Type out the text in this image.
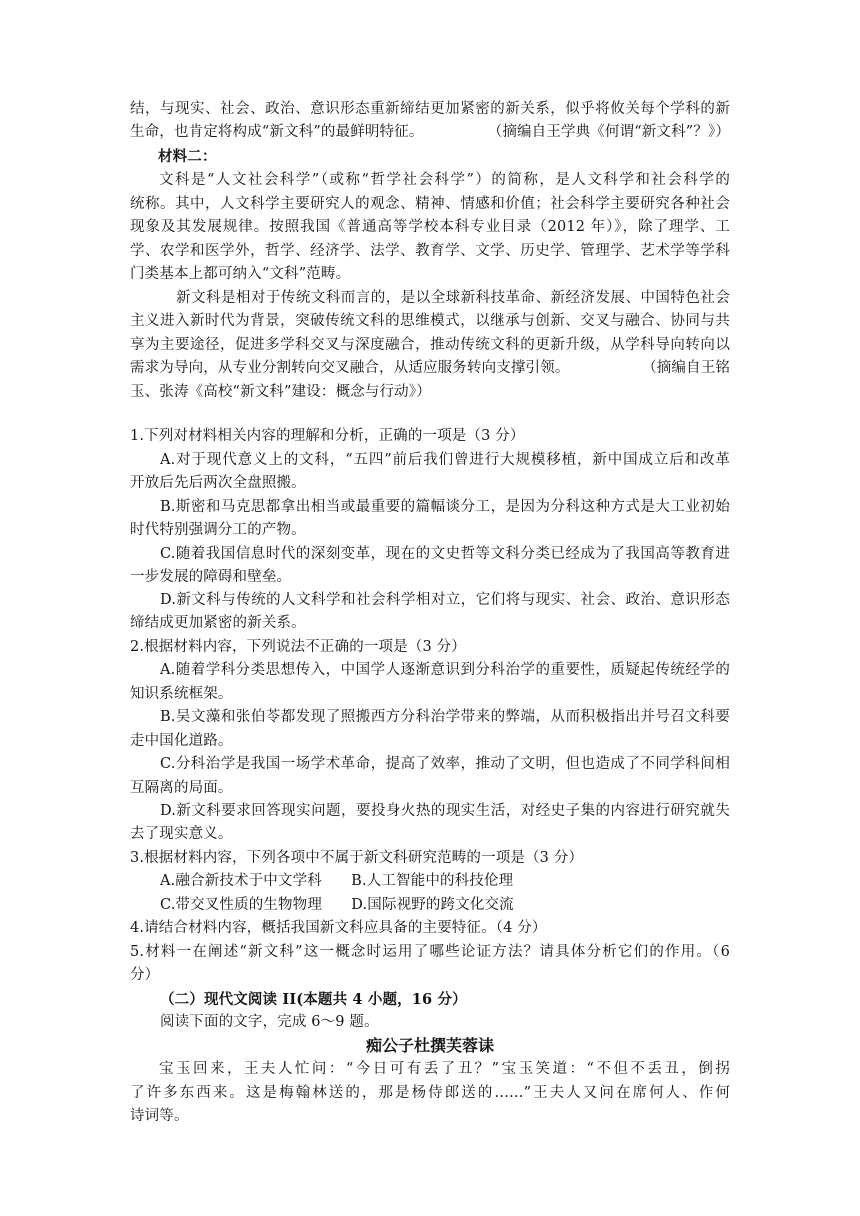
结，与现实、社会、政治、意识形态重新缔结更加紧密的新关系，似乎将攸关每个学科的新
生命，也肯定将构成“新文科”的最鲜明特征。	（摘编自王学典《何谓“新文科”？》）
材料二：
文科是“人文社会科学”（或称“哲学社会科学”）的简称，是人文科学和社会科学的
统称。其中，人文科学主要研究人的观念、精神、情感和价值；社会科学主要研究各种社会
现象及其发展规律。按照我国《普通高等学校本科专业目录（2012 年）》，除了理学、工
学、农学和医学外，哲学、经济学、法学、教育学、文学、历史学、管理学、艺术学等学科
门类基本上都可纳入“文科”范畴。
新文科是相对于传统文科而言的，是以全球新科技革命、新经济发展、中国特色社会
主义进入新时代为背景，突破传统文科的思维模式，以继承与创新、交叉与融合、协同与共
享为主要途径，促进多学科交叉与深度融合，推动传统文科的更新升级，从学科导向转向以
需求为导向，从专业分割转向交叉融合，从适应服务转向支撑引领。	（摘编自王铭
玉、张涛《高校“新文科”建设：概念与行动》）
1.下列对材料相关内容的理解和分析，正确的一项是（3 分）
A.对于现代意义上的文科，“五四”前后我们曾进行大规模移植，新中国成立后和改革
开放后先后两次全盘照搬。
B.斯密和马克思都拿出相当或最重要的篇幅谈分工，是因为分科这种方式是大工业初始
时代特别强调分工的产物。
C.随着我国信息时代的深刻变革，现在的文史哲等文科分类已经成为了我国高等教育进
一步发展的障碍和壁垒。
D.新文科与传统的人文科学和社会科学相对立，它们将与现实、社会、政治、意识形态
缔结成更加紧密的新关系。
2.根据材料内容，下列说法不正确的一项是（3 分）
A.随着学科分类思想传入，中国学人逐渐意识到分科治学的重要性，质疑起传统经学的
知识系统框架。
B.吴文藻和张伯苓都发现了照搬西方分科治学带来的弊端，从而积极指出并号召文科要
走中国化道路。
C.分科治学是我国一场学术革命，提高了效率，推动了文明，但也造成了不同学科间相
互隔离的局面。
D.新文科要求回答现实问题，要投身火热的现实生活，对经史子集的内容进行研究就失
去了现实意义。
3.根据材料内容，下列各项中不属于新文科研究范畴的一项是（3 分）
A.融合新技术于中文学科　　B.人工智能中的科技伦理
C.带交叉性质的生物物理　　D.国际视野的跨文化交流
4.请结合材料内容，概括我国新文科应具备的主要特征。（4 分）
5.材料一在阐述“新文科”这一概念时运用了哪些论证方法？请具体分析它们的作用。（6
分）
（二）现代文阅读 II(本题共 4 小题，16 分）
阅读下面的文字，完成 6～9 题。
痴公子杜撰芙蓉诔
宝玉回来，王夫人忙问：“今日可有丢了丑？”宝玉笑道：“不但不丢丑，倒拐
了许多东西来。这是梅翰林送的，那是杨侍郎送的……”王夫人又问在席何人、作何
诗词等。
